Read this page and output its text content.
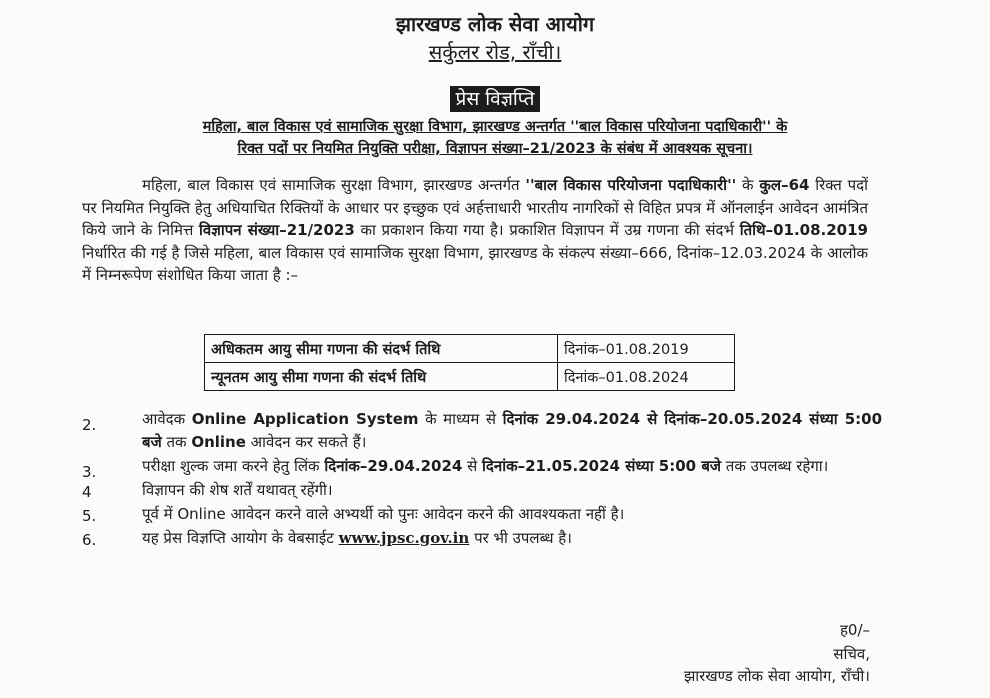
झारखण्ड लोक सेवा आयोग
सर्कुलर रोड, राँची।
प्रेस विज्ञप्ति
महिला, बाल विकास एवं सामाजिक सुरक्षा विभाग, झारखण्ड अन्तर्गत ''बाल विकास परियोजना पदाधिकारी'' के
रिक्त पदों पर नियमित नियुक्ति परीक्षा, विज्ञापन संख्या–21/2023 के संबंध में आवश्यक सूचना।
महिला, बाल विकास एवं सामाजिक सुरक्षा विभाग, झारखण्ड अन्तर्गत ''बाल विकास परियोजना पदाधिकारी'' के कुल–64 रिक्त पदों पर नियमित नियुक्ति हेतु अधियाचित रिक्तियों के आधार पर इच्छुक एवं अर्हत्ताधारी भारतीय नागरिकों से विहित प्रपत्र में ऑनलाईन आवेदन आमंत्रित किये जाने के निमित्त विज्ञापन संख्या–21/2023 का प्रकाशन किया गया है। प्रकाशित विज्ञापन में उम्र गणना की संदर्भ तिथि–01.08.2019 निर्धारित की गई है जिसे महिला, बाल विकास एवं सामाजिक सुरक्षा विभाग, झारखण्ड के संकल्प संख्या–666, दिनांक–12.03.2024 के आलोक में निम्नरूपेण संशोधित किया जाता है :–
अधिकतम आयु सीमा गणना की संदर्भ तिथि	दिनांक–01.08.2019
न्यूनतम आयु सीमा गणना की संदर्भ तिथि	दिनांक–01.08.2024
2.	आवेदक Online Application System के माध्यम से दिनांक 29.04.2024 से दिनांक–20.05.2024 संध्या 5:00 बजे तक Online आवेदन कर सकते हैं।
3.	परीक्षा शुल्क जमा करने हेतु लिंक दिनांक–29.04.2024 से दिनांक–21.05.2024 संध्या 5:00 बजे तक उपलब्ध रहेगा।
4	विज्ञापन की शेष शर्तें यथावत् रहेंगी।
5.	पूर्व में Online आवेदन करने वाले अभ्यर्थी को पुनः आवेदन करने की आवश्यकता नहीं है।
6.	यह प्रेस विज्ञप्ति आयोग के वेबसाईट www.jpsc.gov.in पर भी उपलब्ध है।
ह0/–
सचिव,
झारखण्ड लोक सेवा आयोग, राँची।
